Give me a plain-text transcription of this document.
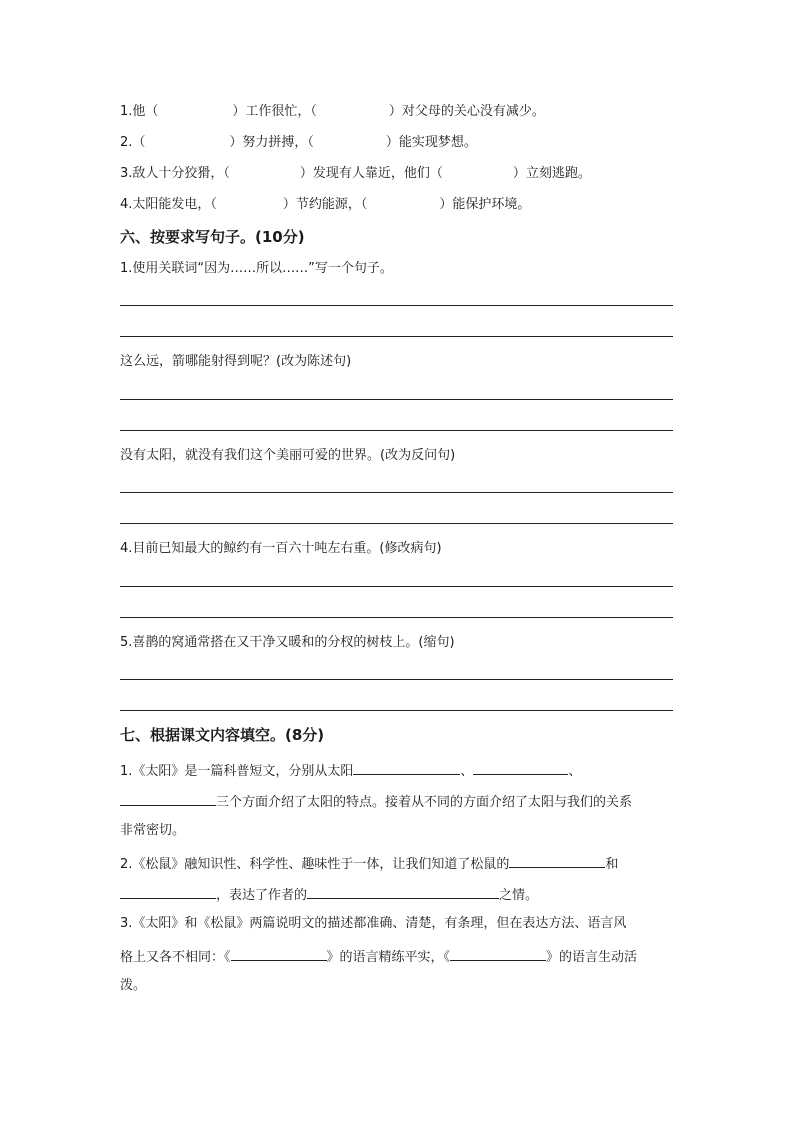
1.他（	）工作很忙，（	）对父母的关心没有减少。
2.（	）努力拼搏，（	）能实现梦想。
3.敌人十分狡猾，（	）发现有人靠近，他们（	）立刻逃跑。
4.太阳能发电，（	）节约能源，（	）能保护环境。
六、按要求写句子。(10分)
1.使用关联词“因为……所以……”写一个句子。
这么远，箭哪能射得到呢？(改为陈述句)
没有太阳，就没有我们这个美丽可爱的世界。(改为反问句)
4.目前已知最大的鲸约有一百六十吨左右重。(修改病句)
5.喜鹊的窝通常搭在又干净又暖和的分杈的树枝上。(缩句)
七、根据课文内容填空。(8分)
1.《太阳》是一篇科普短文，分别从太阳	、	、
三个方面介绍了太阳的特点。接着从不同的方面介绍了太阳与我们的关系
非常密切。
2.《松鼠》融知识性、科学性、趣味性于一体，让我们知道了松鼠的	和
，表达了作者的	之情。
3.《太阳》和《松鼠》两篇说明文的描述都准确、清楚，有条理，但在表达方法、语言风
格上又各不相同：《	》的语言精练平实，《	》的语言生动活
泼。
